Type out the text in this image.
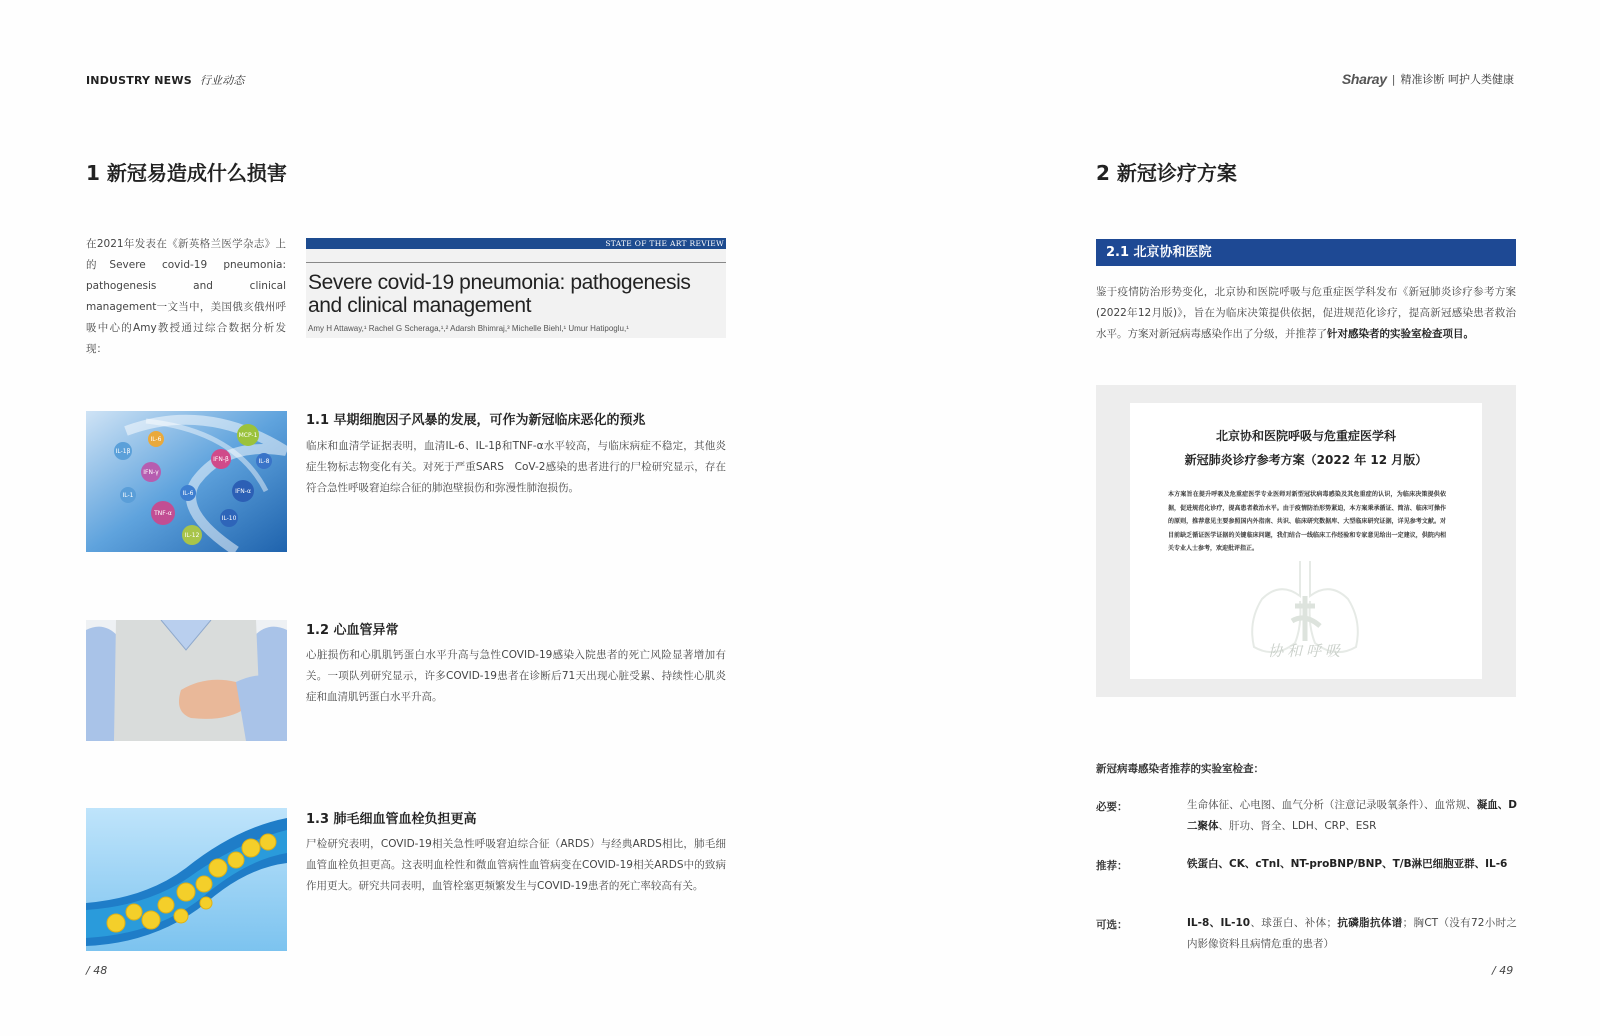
INDUSTRY NEWS 行业动态	Sharay | 精准诊断 呵护人类健康
1 新冠易造成什么损害
在2021年发表在《新英格兰医学杂志》上的Severe covid-19 pneumonia: pathogenesis and clinical management一文当中，美国俄亥俄州呼吸中心的Amy教授通过综合数据分析发现：
STATE OF THE ART REVIEW
Severe covid-19 pneumonia: pathogenesis and clinical management
Amy H Attaway,¹ Rachel G Scheraga,¹,² Adarsh Bhimraj,³ Michelle Biehl,¹ Umur Hatipoglu,¹
IL-6
MCP-1
IL-1β
IFN-β	IL-8
IFN-γ
IL-1	IL-6	IFN-α
TNF-α
IL-10
IL-12
1.1 早期细胞因子风暴的发展，可作为新冠临床恶化的预兆
临床和血清学证据表明，血清IL-6、IL-1β和TNF-α水平较高，与临床病症不稳定，其他炎症生物标志物变化有关。对死于严重SARS　CoV-2感染的患者进行的尸检研究显示，存在符合急性呼吸窘迫综合征的肺泡壁损伤和弥漫性肺泡损伤。
1.2 心血管异常
心脏损伤和心肌肌钙蛋白水平升高与急性COVID-19感染入院患者的死亡风险显著增加有关。一项队列研究显示，许多COVID-19患者在诊断后71天出现心脏受累、持续性心肌炎症和血清肌钙蛋白水平升高。
1.3 肺毛细血管血栓负担更高
尸检研究表明，COVID-19相关急性呼吸窘迫综合征（ARDS）与经典ARDS相比，肺毛细血管血栓负担更高。这表明血栓性和微血管病性血管病变在COVID-19相关ARDS中的致病作用更大。研究共同表明，血管栓塞更频繁发生与COVID-19患者的死亡率较高有关。
/ 48
2 新冠诊疗方案
2.1 北京协和医院
鉴于疫情防治形势变化，北京协和医院呼吸与危重症医学科发布《新冠肺炎诊疗参考方案(2022年12月版)》，旨在为临床决策提供依据，促进规范化诊疗，提高新冠感染患者救治水平。方案对新冠病毒感染作出了分级，并推荐了针对感染者的实验室检查项目。
北京协和医院呼吸与危重症医学科
新冠肺炎诊疗参考方案（2022 年 12 月版）
本方案旨在提升呼吸及危重症医学专业医师对新型冠状病毒感染及其危重症的认识，为临床决策提供依据，促进规范化诊疗，提高患者救治水平。由于疫情防治形势紧迫，本方案秉承循证、简洁、临床可操作的原则，推荐意见主要参照国内外指南、共识、临床研究数据库、大型临床研究证据，详见参考文献。对目前缺乏循证医学证据的关键临床问题，我们结合一线临床工作经验和专家意见给出一定建议，供院内相关专业人士参考，欢迎批评指正。
协和呼吸
新冠病毒感染者推荐的实验室检查：
必要：	生命体征、心电图、血气分析（注意记录吸氧条件）、血常规、凝血、D二聚体、肝功、肾全、LDH、CRP、ESR
推荐：	铁蛋白、CK、cTnI、NT-proBNP/BNP、T/B淋巴细胞亚群、IL-6
可选：	IL-8、IL-10、球蛋白、补体；抗磷脂抗体谱；胸CT（没有72小时之内影像资料且病情危重的患者）
/ 49
